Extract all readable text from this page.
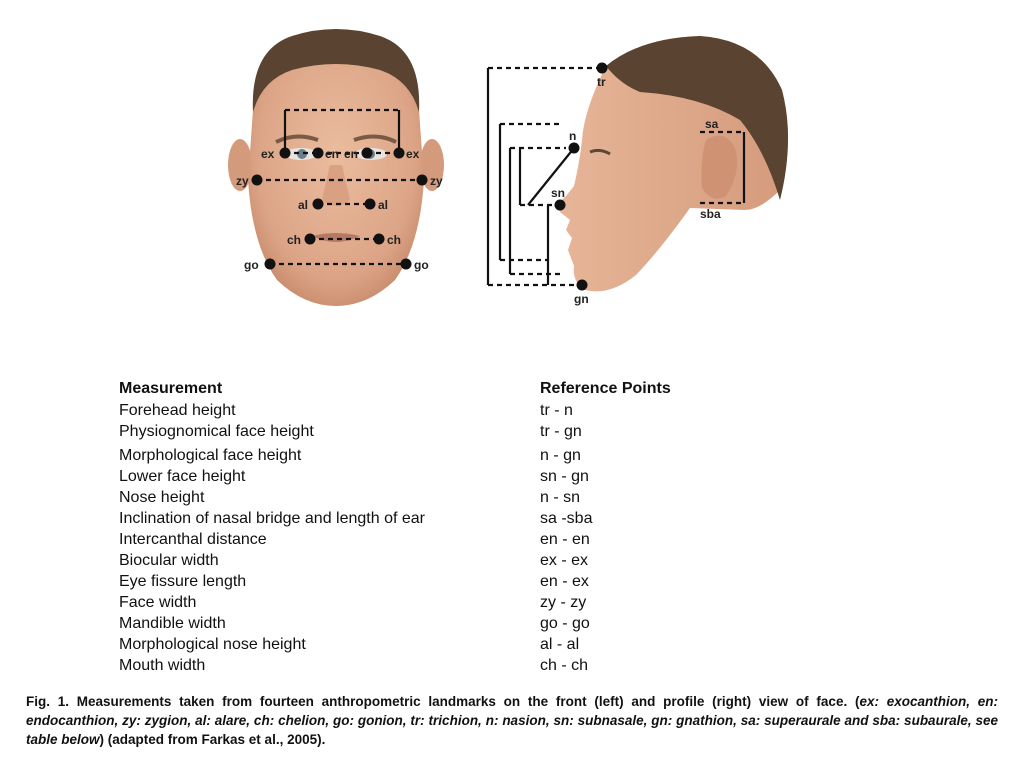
ex	en en	ex
zy	zy
al	al
ch	ch
go	go
tr
n
sn
gn
sa
sba
Measurement	Reference Points
Forehead height	tr - n
Physiognomical face height	tr - gn
Morphological face height	n - gn
Lower face height	sn - gn
Nose height	n - sn
Inclination of nasal bridge and length of ear	sa -sba
Intercanthal distance	en - en
Biocular width	ex - ex
Eye fissure length	en - ex
Face width	zy - zy
Mandible width	go - go
Morphological nose height	al - al
Mouth width	ch - ch
Fig. 1. Measurements taken from fourteen anthropometric landmarks on the front (left) and profile (right) view of face. (ex: exocanthion, en: endocanthion, zy: zygion, al: alare, ch: chelion, go: gonion, tr: trichion, n: nasion, sn: subnasale, gn: gnathion, sa: superaurale and sba: subaurale, see table below) (adapted from Farkas et al., 2005).
